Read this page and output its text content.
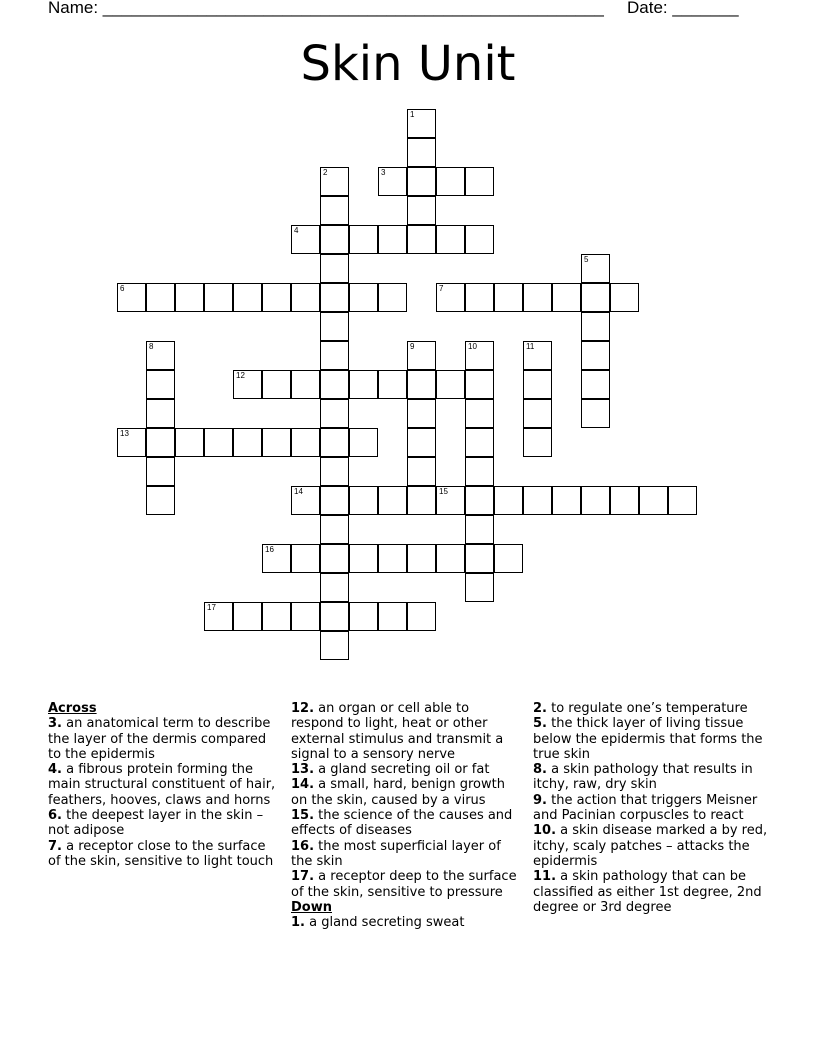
Name: _____________________________________________________ Date: _______
Skin Unit
3
4
6	7
12
13
14	15
16
17
1
2
5
8	9	10	11
Across
3. an anatomical term to describe the layer of the dermis compared to the epidermis
4. a fibrous protein forming the main structural constituent of hair, feathers, hooves, claws and horns
6. the deepest layer in the skin – not adipose
7. a receptor close to the surface of the skin, sensitive to light touch
12. an organ or cell able to respond to light, heat or other external stimulus and transmit a signal to a sensory nerve
13. a gland secreting oil or fat
14. a small, hard, benign growth on the skin, caused by a virus
15. the science of the causes and effects of diseases
16. the most superficial layer of the skin
17. a receptor deep to the surface of the skin, sensitive to pressure
Down
1. a gland secreting sweat
2. to regulate one’s temperature
5. the thick layer of living tissue below the epidermis that forms the true skin
8. a skin pathology that results in itchy, raw, dry skin
9. the action that triggers Meisner and Pacinian corpuscles to react
10. a skin disease marked a by red, itchy, scaly patches – attacks the epidermis
11. a skin pathology that can be classified as either 1st degree, 2nd degree or 3rd degree
